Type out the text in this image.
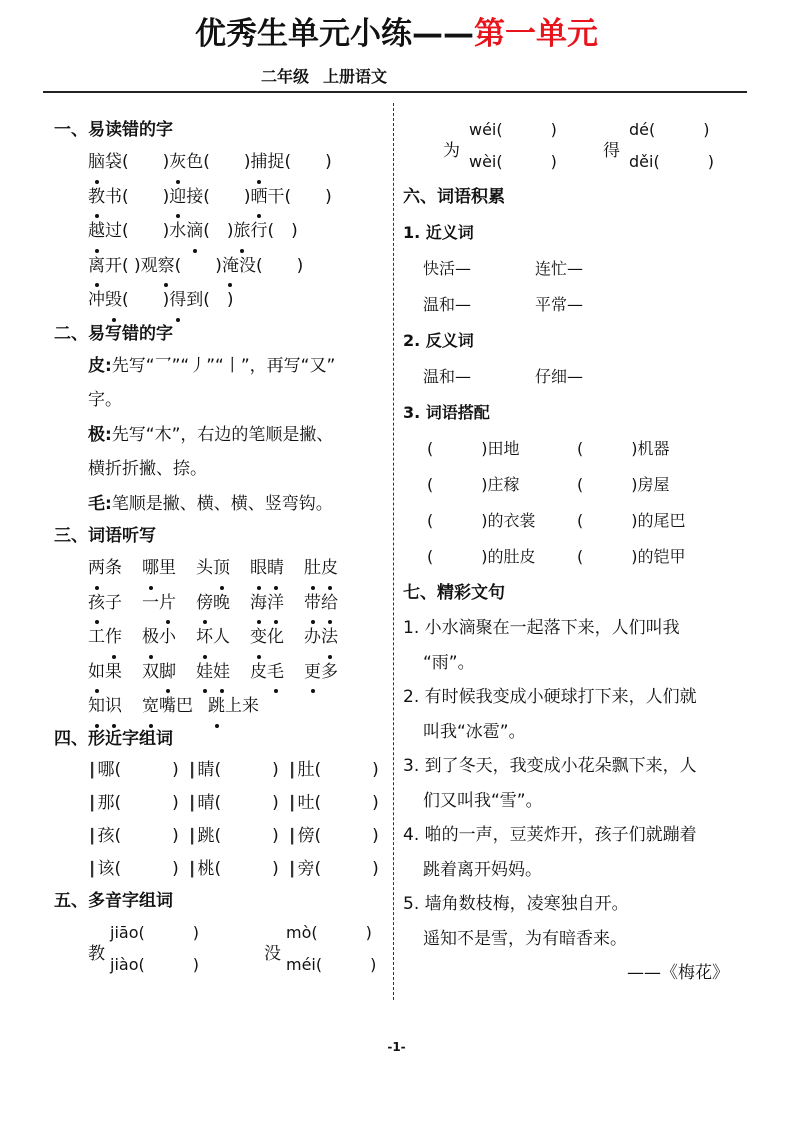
优秀生单元小练——第一单元
二年级 上册语文
一、易读错的字
脑袋(　　)灰色(　　)捕捉(　　)
教书(　　)迎接(　　)晒干(　　)
越过(　　)水滴(　)旅行(　)
离开( )观察(　　)淹没(　　)
冲毁(　　)得到(　)
二、易写错的字
皮:先写“乛”“丿”“丨”，再写“又”
字。
极:先写“木”，右边的笔顺是撇、
横折折撇、捺。
毛:笔顺是撇、横、横、竖弯钩。
三、词语听写
两条 哪里 头顶 眼睛 肚皮
孩子 一片 傍晚 海洋 带给
工作 极小 坏人 变化 办法
如果 双脚 娃娃 皮毛 更多
知识 宽嘴巴 跳上来
四、形近字组词
┃哪(　　　) ┃睛(　　　) ┃肚(　　　)
┃那(　　　) ┃晴(　　　) ┃吐(　　　)
┃孩(　　　) ┃跳(　　　) ┃傍(　　　)
┃该(　　　) ┃桃(　　　) ┃旁(　　　)
五、多音字组词
教
jiāo(　　　)
jiào(　　　)
没
mò(　　　)
méi(　　　)
为
wéi(　　　)
wèi(　　　)
得
dé(　　　)
děi(　　　)
六、词语积累
1. 近义词
快活—	连忙—
温和—	平常—
2. 反义词
温和—	仔细—
3. 词语搭配
(　　　)田地	(　　　)机器
(　　　)庄稼	(　　　)房屋
(　　　)的衣裳	(　　　)的尾巴
(　　　)的肚皮	(　　　)的铠甲
七、精彩文句
1. 小水滴聚在一起落下来，人们叫我
“雨”。
2. 有时候我变成小硬球打下来，人们就
叫我“冰雹”。
3. 到了冬天，我变成小花朵飘下来，人
们又叫我“雪”。
4. 啪的一声，豆荚炸开，孩子们就蹦着
跳着离开妈妈。
5. 墙角数枝梅，凌寒独自开。
遥知不是雪，为有暗香来。
——《梅花》
-1-
